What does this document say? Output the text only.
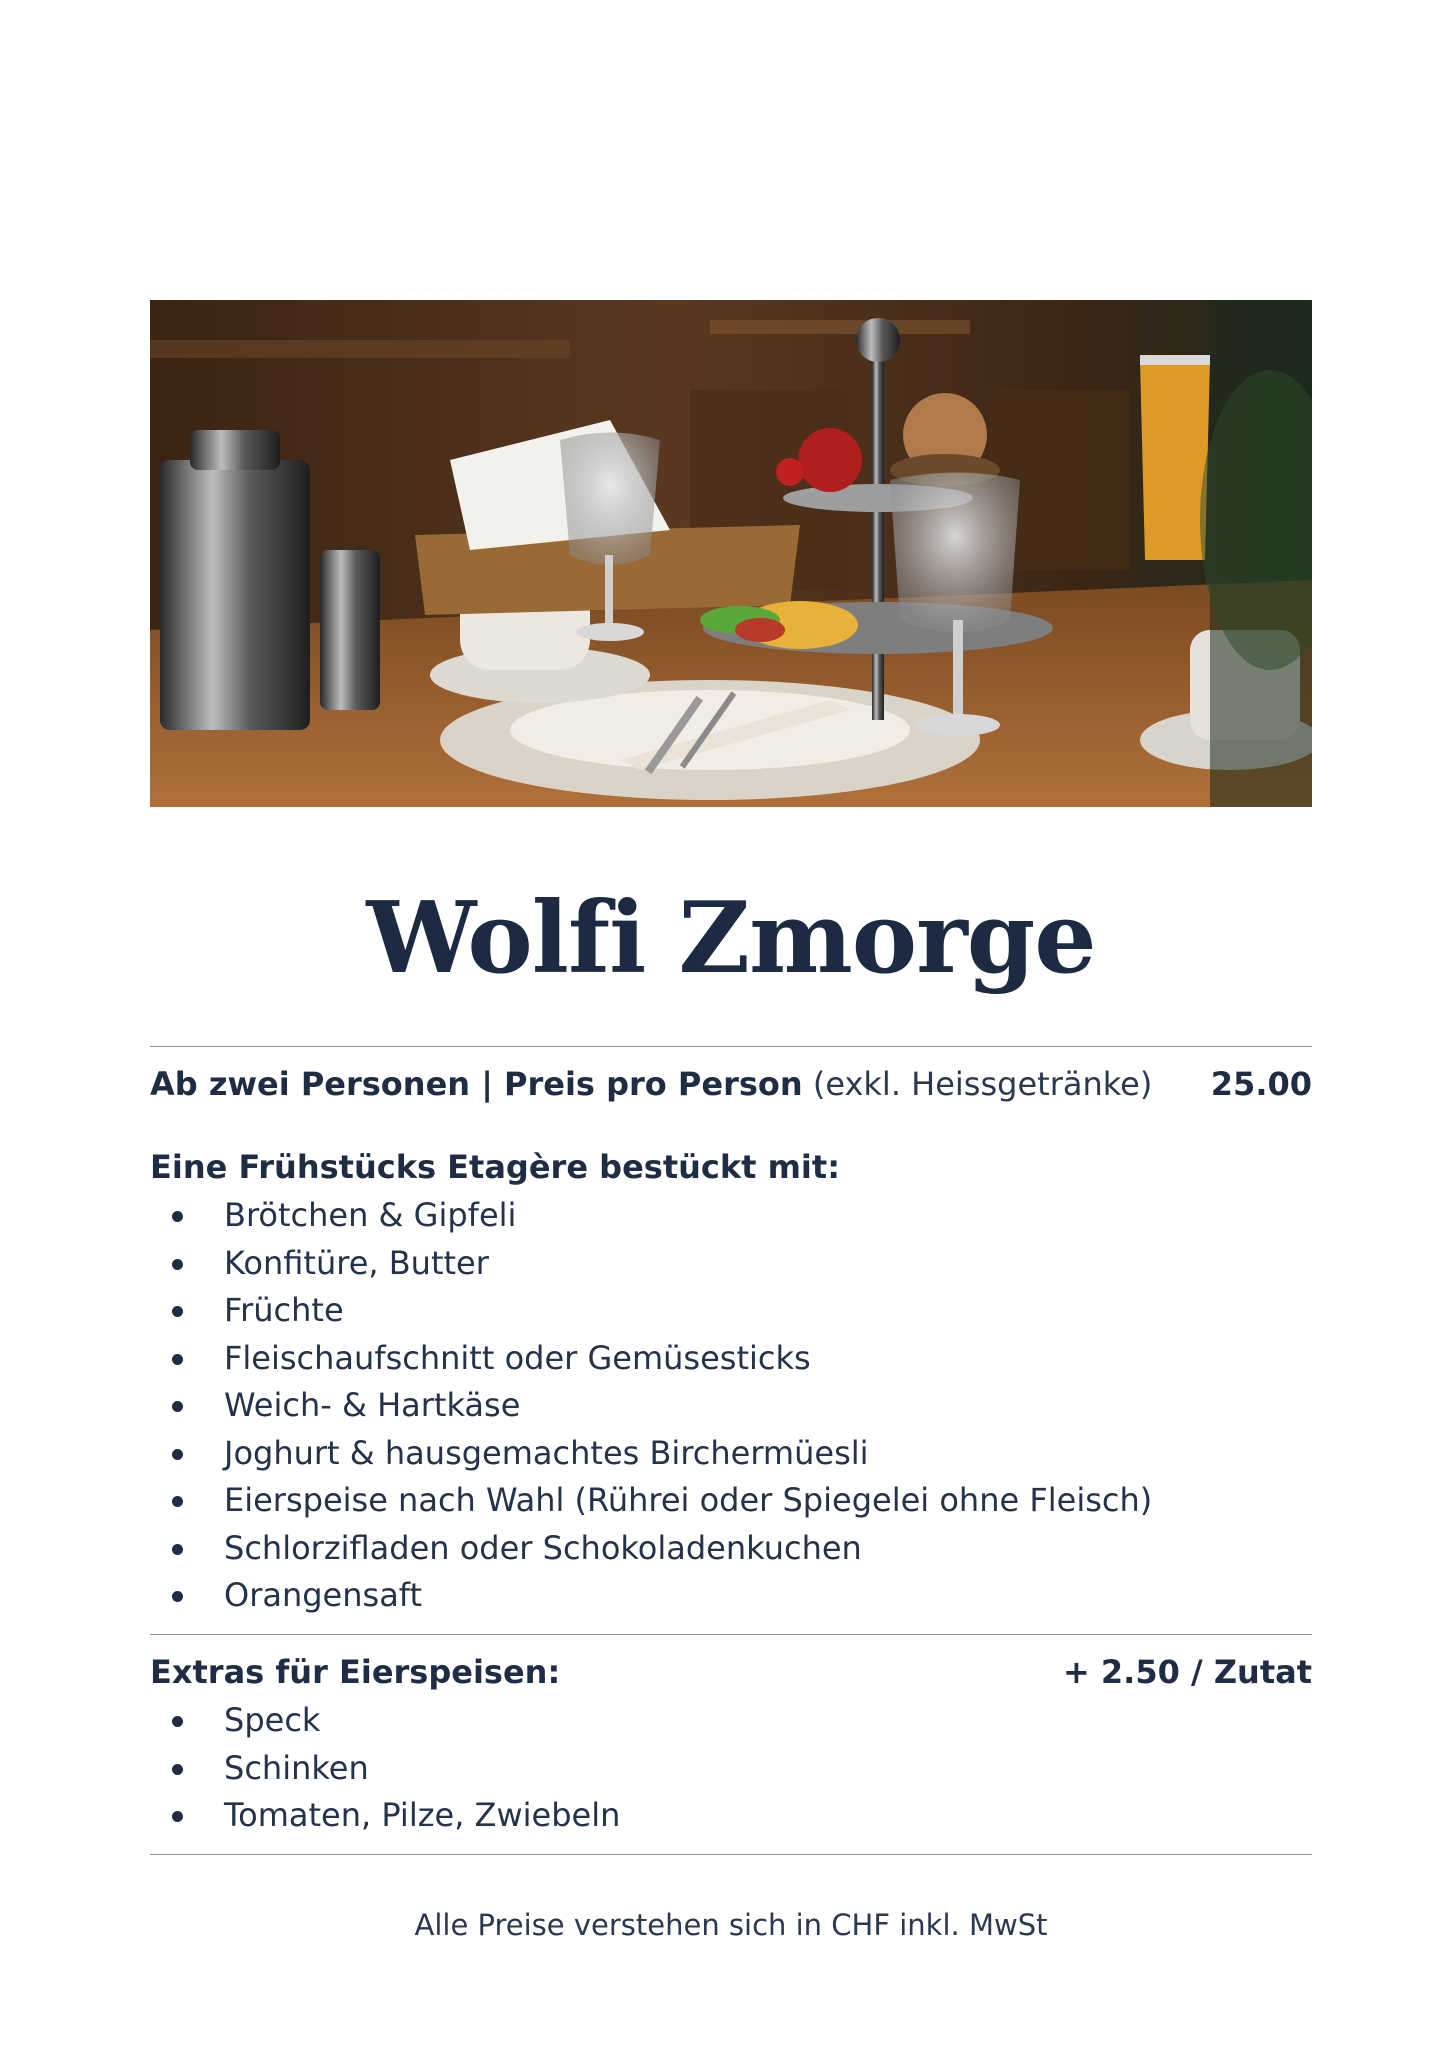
Wolfi Zmorge
Ab zwei Personen | Preis pro Person (exkl. Heissgetränke) 25.00
Eine Frühstücks Etagère bestückt mit:
Brötchen & Gipfeli
Konfitüre, Butter
Früchte
Fleischaufschnitt oder Gemüsesticks
Weich- & Hartkäse
Joghurt & hausgemachtes Birchermüesli
Eierspeise nach Wahl (Rührei oder Spiegelei ohne Fleisch)
Schlorzifladen oder Schokoladenkuchen
Orangensaft
Extras für Eierspeisen:	+ 2.50 / Zutat
Speck
Schinken
Tomaten, Pilze, Zwiebeln
Alle Preise verstehen sich in CHF inkl. MwSt
